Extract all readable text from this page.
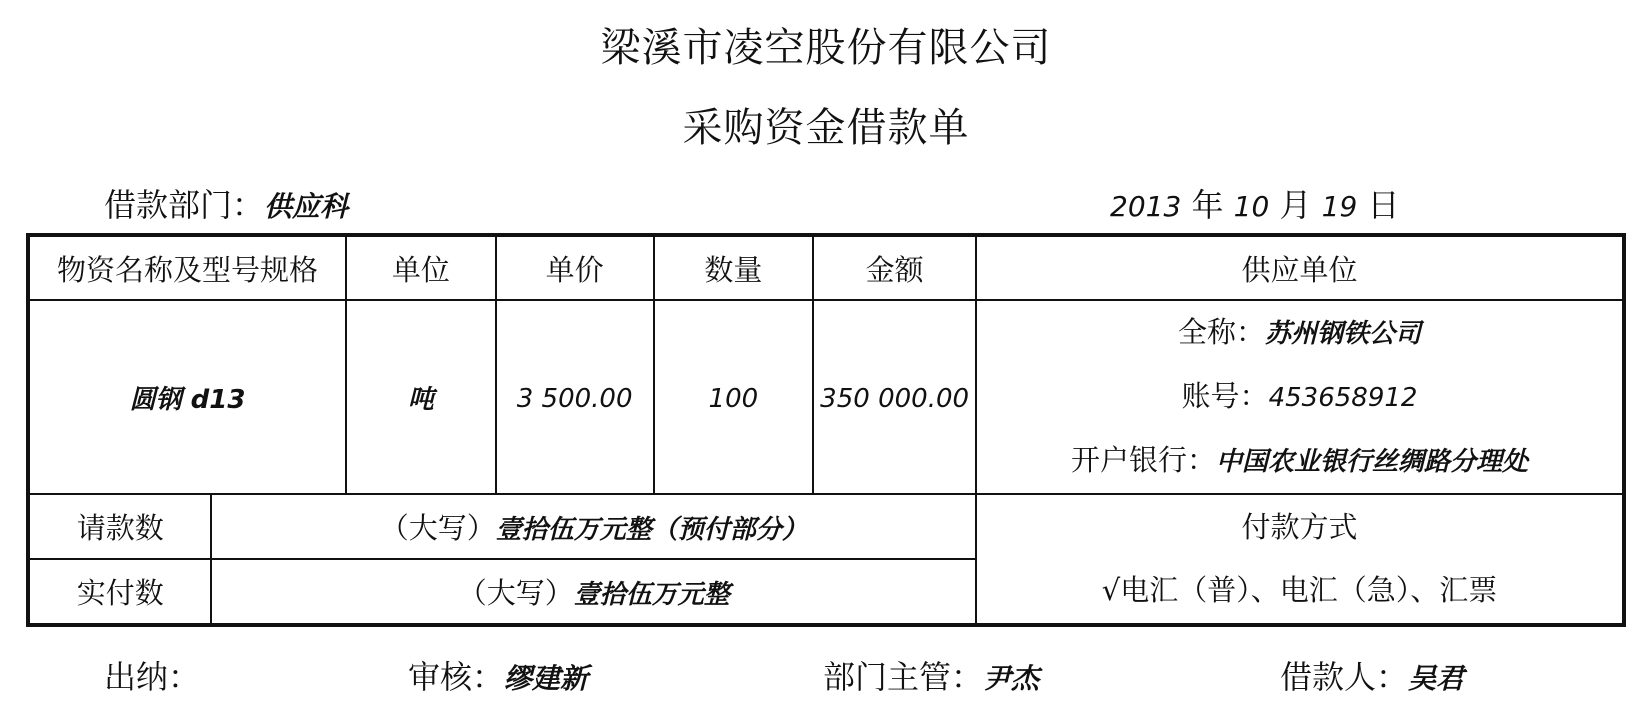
梁溪市凌空股份有限公司
采购资金借款单
借款部门：供应科	2013 年 10 月 19 日
物资名称及型号规格		单位	单价	数量	金额	供应单位
圆钢 d13		吨	3 500.00	100	350 000.00	全称：苏州钢铁公司
账号：453658912
开户银行：中国农业银行丝绸路分理处

请款数	（大写）壹拾伍万元整（预付部分）					付款方式
√电汇（普）、电汇（急）、汇票

实付数	（大写）壹拾伍万元整					
出纳：	审核：缪建新	部门主管：尹杰	借款人：吴君
